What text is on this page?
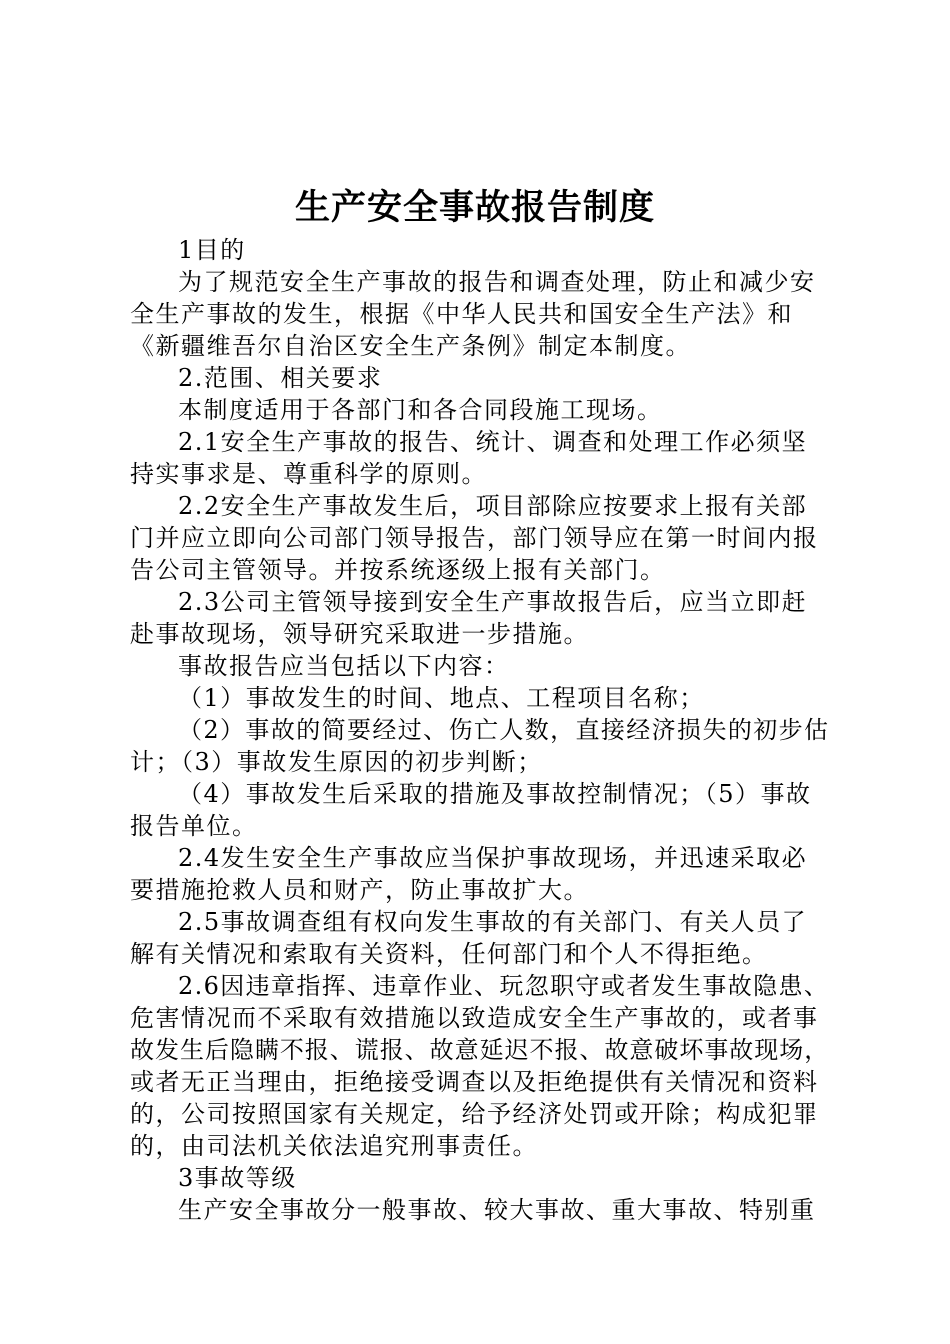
生产安全事故报告制度
1目的
为了规范安全生产事故的报告和调查处理，防止和减少安
全生产事故的发生，根据《中华人民共和国安全生产法》和
《新疆维吾尔自治区安全生产条例》制定本制度。
2.范围、相关要求
本制度适用于各部门和各合同段施工现场。
2.1安全生产事故的报告、统计、调查和处理工作必须坚
持实事求是、尊重科学的原则。
2.2安全生产事故发生后，项目部除应按要求上报有关部
门并应立即向公司部门领导报告，部门领导应在第一时间内报
告公司主管领导。并按系统逐级上报有关部门。
2.3公司主管领导接到安全生产事故报告后，应当立即赶
赴事故现场，领导研究采取进一步措施。
事故报告应当包括以下内容：
（1）事故发生的时间、地点、工程项目名称；
（2）事故的简要经过、伤亡人数，直接经济损失的初步估
计；（3）事故发生原因的初步判断；
（4）事故发生后采取的措施及事故控制情况；（5）事故
报告单位。
2.4发生安全生产事故应当保护事故现场，并迅速采取必
要措施抢救人员和财产，防止事故扩大。
2.5事故调查组有权向发生事故的有关部门、有关人员了
解有关情况和索取有关资料，任何部门和个人不得拒绝。
2.6因违章指挥、违章作业、玩忽职守或者发生事故隐患、
危害情况而不采取有效措施以致造成安全生产事故的，或者事
故发生后隐瞒不报、谎报、故意延迟不报、故意破坏事故现场，
或者无正当理由，拒绝接受调查以及拒绝提供有关情况和资料
的，公司按照国家有关规定，给予经济处罚或开除；构成犯罪
的，由司法机关依法追究刑事责任。
3事故等级
生产安全事故分一般事故、较大事故、重大事故、特别重
